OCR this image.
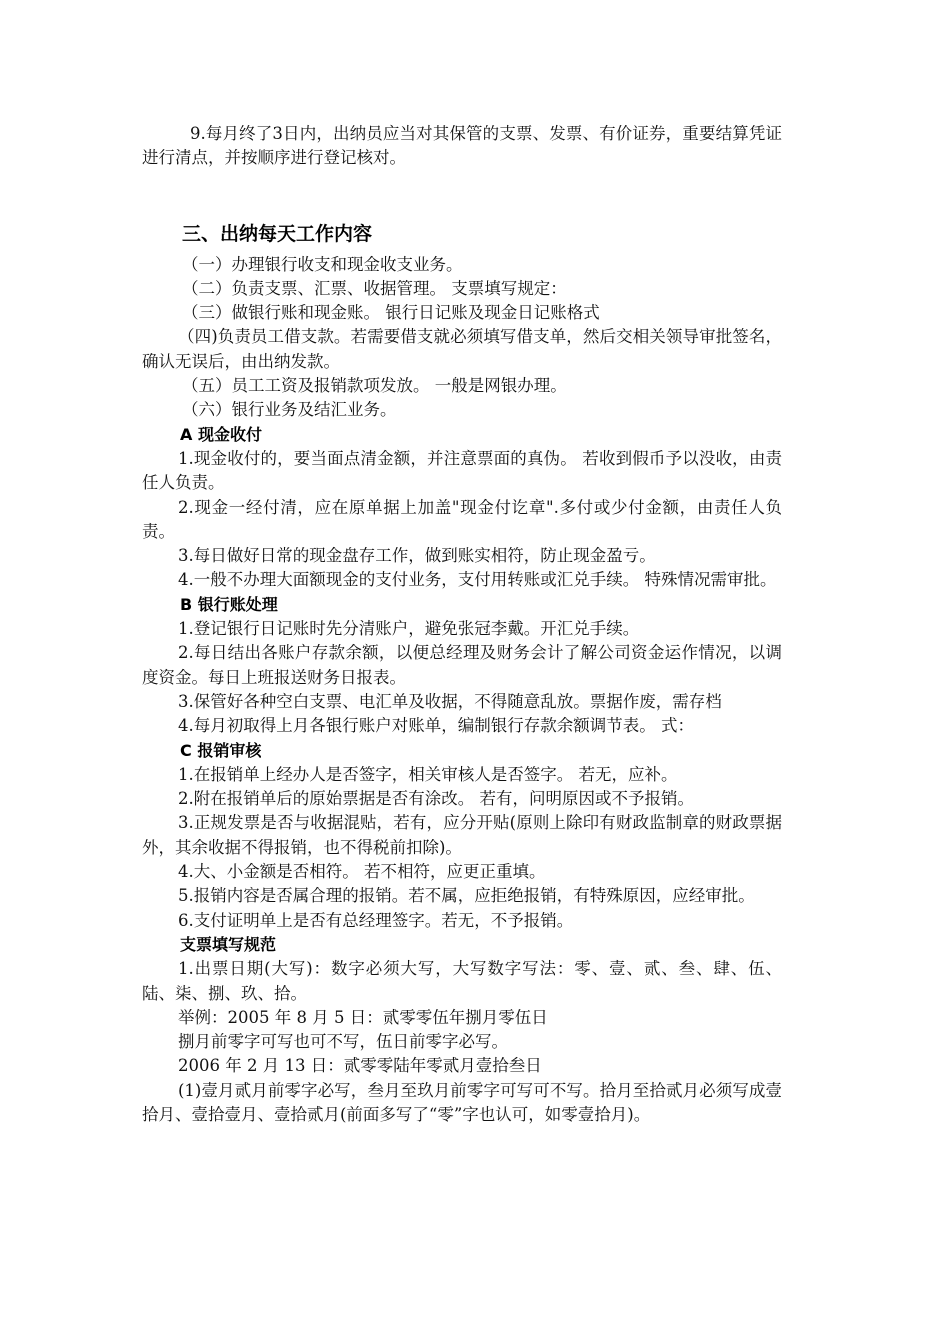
9.每月终了3日内，出纳员应当对其保管的支票、发票、有价证券，重要结算凭证进行清点，并按顺序进行登记核对。

三、出纳每天工作内容

（一）办理银行收支和现金收支业务。

（二）负责支票、汇票、收据管理。 支票填写规定：

（三）做银行账和现金账。 银行日记账及现金日记账格式

（四)负责员工借支款。若需要借支就必须填写借支单，然后交相关领导审批签名，确认无误后，由出纳发款。

（五）员工工资及报销款项发放。 一般是网银办理。

（六）银行业务及结汇业务。

A 现金收付

1.现金收付的，要当面点清金额，并注意票面的真伪。 若收到假币予以没收，由责任人负责。

2.现金一经付清，应在原单据上加盖"现金付讫章".多付或少付金额，由责任人负责。

3.每日做好日常的现金盘存工作，做到账实相符，防止现金盈亏。

4.一般不办理大面额现金的支付业务，支付用转账或汇兑手续。 特殊情况需审批。

B 银行账处理

1.登记银行日记账时先分清账户，避免张冠李戴。开汇兑手续。

2.每日结出各账户存款余额，以便总经理及财务会计了解公司资金运作情况，以调度资金。每日上班报送财务日报表。

3.保管好各种空白支票、电汇单及收据，不得随意乱放。票据作废，需存档

4.每月初取得上月各银行账户对账单，编制银行存款余额调节表。 式：

C 报销审核

1.在报销单上经办人是否签字，相关审核人是否签字。 若无，应补。

2.附在报销单后的原始票据是否有涂改。 若有，问明原因或不予报销。

3.正规发票是否与收据混贴，若有，应分开贴(原则上除印有财政监制章的财政票据外，其余收据不得报销，也不得税前扣除)。

4.大、小金额是否相符。 若不相符，应更正重填。

5.报销内容是否属合理的报销。若不属，应拒绝报销，有特殊原因，应经审批。

6.支付证明单上是否有总经理签字。若无，不予报销。

支票填写规范

1.出票日期(大写)：数字必须大写，大写数字写法：零、壹、贰、叁、肆、伍、陆、柒、捌、玖、拾。

举例：2005 年 8 月 5 日：贰零零伍年捌月零伍日

捌月前零字可写也可不写，伍日前零字必写。

2006 年 2 月 13 日：贰零零陆年零贰月壹拾叁日

(1)壹月贰月前零字必写，叁月至玖月前零字可写可不写。拾月至拾贰月必须写成壹拾月、壹拾壹月、壹拾贰月(前面多写了“零”字也认可，如零壹拾月)。
